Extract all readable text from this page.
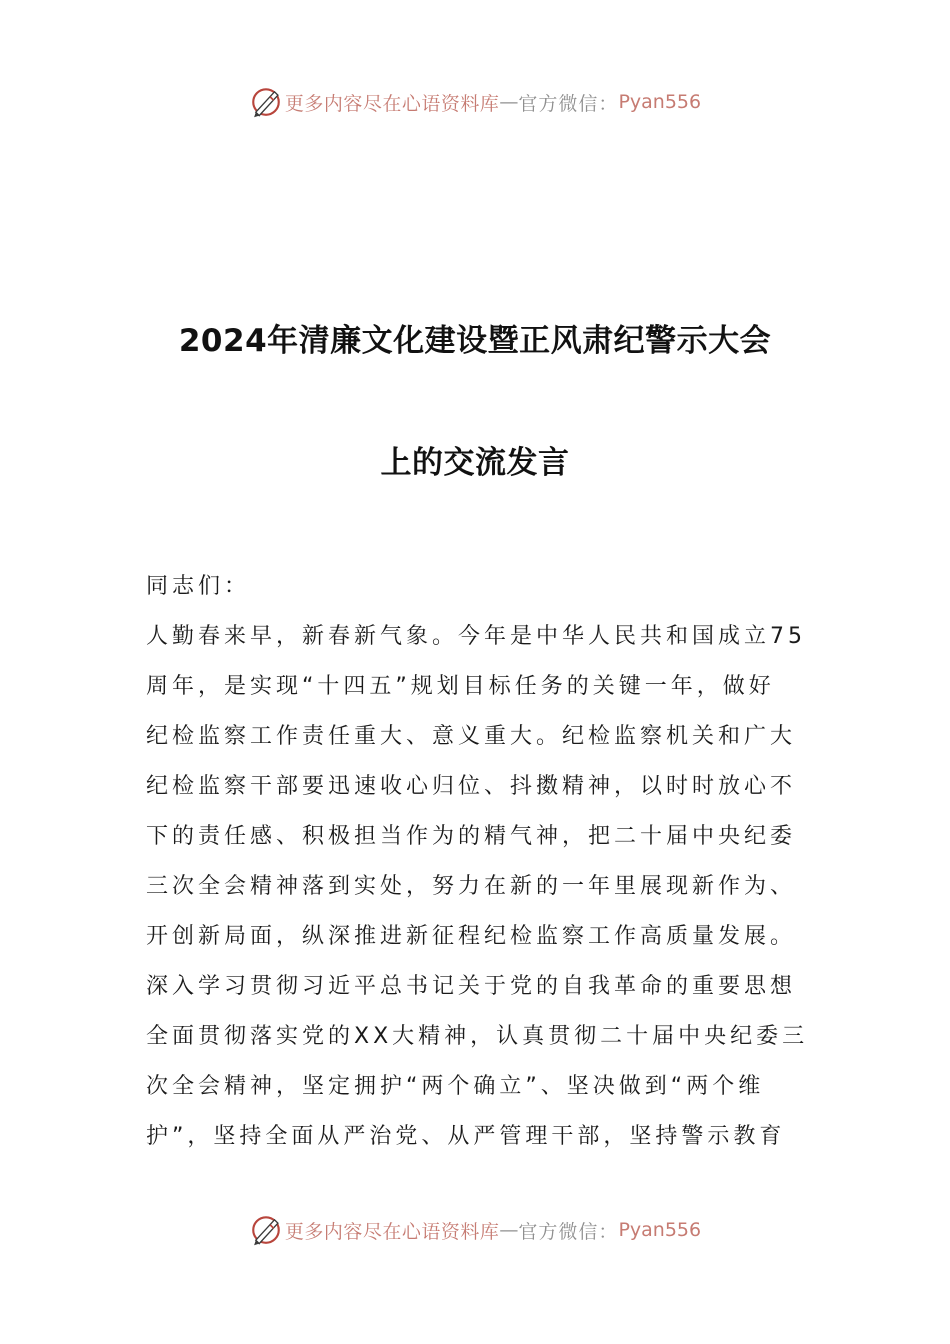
更多内容尽在心语资料库 — 官方微信： Pyan556
2024年清廉文化建设暨正风肃纪警示大会
上的交流发言
同志们：
人勤春来早，新春新气象。今年是中华人民共和国成立75
周年，是实现“十四五”规划目标任务的关键一年，做好
纪检监察工作责任重大、意义重大。纪检监察机关和广大
纪检监察干部要迅速收心归位、抖擞精神，以时时放心不
下的责任感、积极担当作为的精气神，把二十届中央纪委
三次全会精神落到实处，努力在新的一年里展现新作为、
开创新局面，纵深推进新征程纪检监察工作高质量发展。
深入学习贯彻习近平总书记关于党的自我革命的重要思想
全面贯彻落实党的XX大精神，认真贯彻二十届中央纪委三
次全会精神，坚定拥护“两个确立”、坚决做到“两个维
护”，坚持全面从严治党、从严管理干部，坚持警示教育
更多内容尽在心语资料库 — 官方微信： Pyan556
